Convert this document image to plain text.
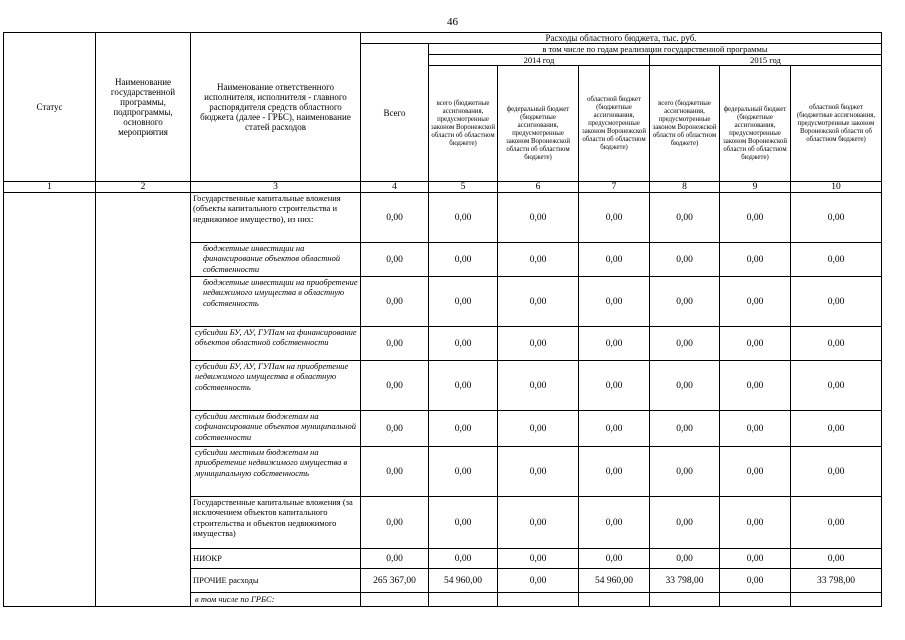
46
Статус	Наименование государственной программы, подпрограммы, основного мероприятия	Наименование ответственного исполнителя, исполнителя - главного распорядителя средств областного бюджета (далее - ГРБС), наименование статей расходов	Расходы областного бюджета, тыс. руб.						
			Всего	в том числе по годам реализации государственной программы					
				2014 год			2015 год		
				всего (бюджетные ассигнования, предусмотренные законом Воронежской области об областном бюджете)	федеральный бюджет (бюджетные ассигнования, предусмотренные законом Воронежской области об областном бюджете)	областной бюджет (бюджетные ассигнования, предусмотренные законом Воронежской области об областном бюджете)	всего (бюджетные ассигнования, предусмотренные законом Воронежской области об областном бюджете)	федеральный бюджет (бюджетные ассигнования, предусмотренные законом Воронежской области об областном бюджете)	областной бюджет (бюджетные ассигнования, предусмотренные законом Воронежской области об областном бюджете)

1	2	3	4	5	6	7	8	9	10
		Государственные капитальные вложения (объекты капитального строительства и недвижимое имущество), из них:	0,00	0,00	0,00	0,00	0,00	0,00	0,00
		бюджетные инвестиции на финансирование объектов областной собственности	0,00	0,00	0,00	0,00	0,00	0,00	0,00
		бюджетные инвестиции на приобретение недвижимого имущества в областную собственность	0,00	0,00	0,00	0,00	0,00	0,00	0,00
		субсидии БУ, АУ, ГУПам на финансирование объектов областной собственности	0,00	0,00	0,00	0,00	0,00	0,00	0,00
		субсидии БУ, АУ, ГУПам на приобретение недвижимого имущества в областную собственность	0,00	0,00	0,00	0,00	0,00	0,00	0,00
		субсидии местным бюджетам на софинансирование объектов муниципальной собственности	0,00	0,00	0,00	0,00	0,00	0,00	0,00
		субсидии местным бюджетам на приобретение недвижимого имущества в муниципальную собственность	0,00	0,00	0,00	0,00	0,00	0,00	0,00
		Государственные капитальные вложения (за исключением объектов капитального строительства и объектов недвижимого имущества)	0,00	0,00	0,00	0,00	0,00	0,00	0,00
		НИОКР	0,00	0,00	0,00	0,00	0,00	0,00	0,00
		ПРОЧИЕ расходы	265 367,00	54 960,00	0,00	54 960,00	33 798,00	0,00	33 798,00
		в том числе по ГРБС:							
